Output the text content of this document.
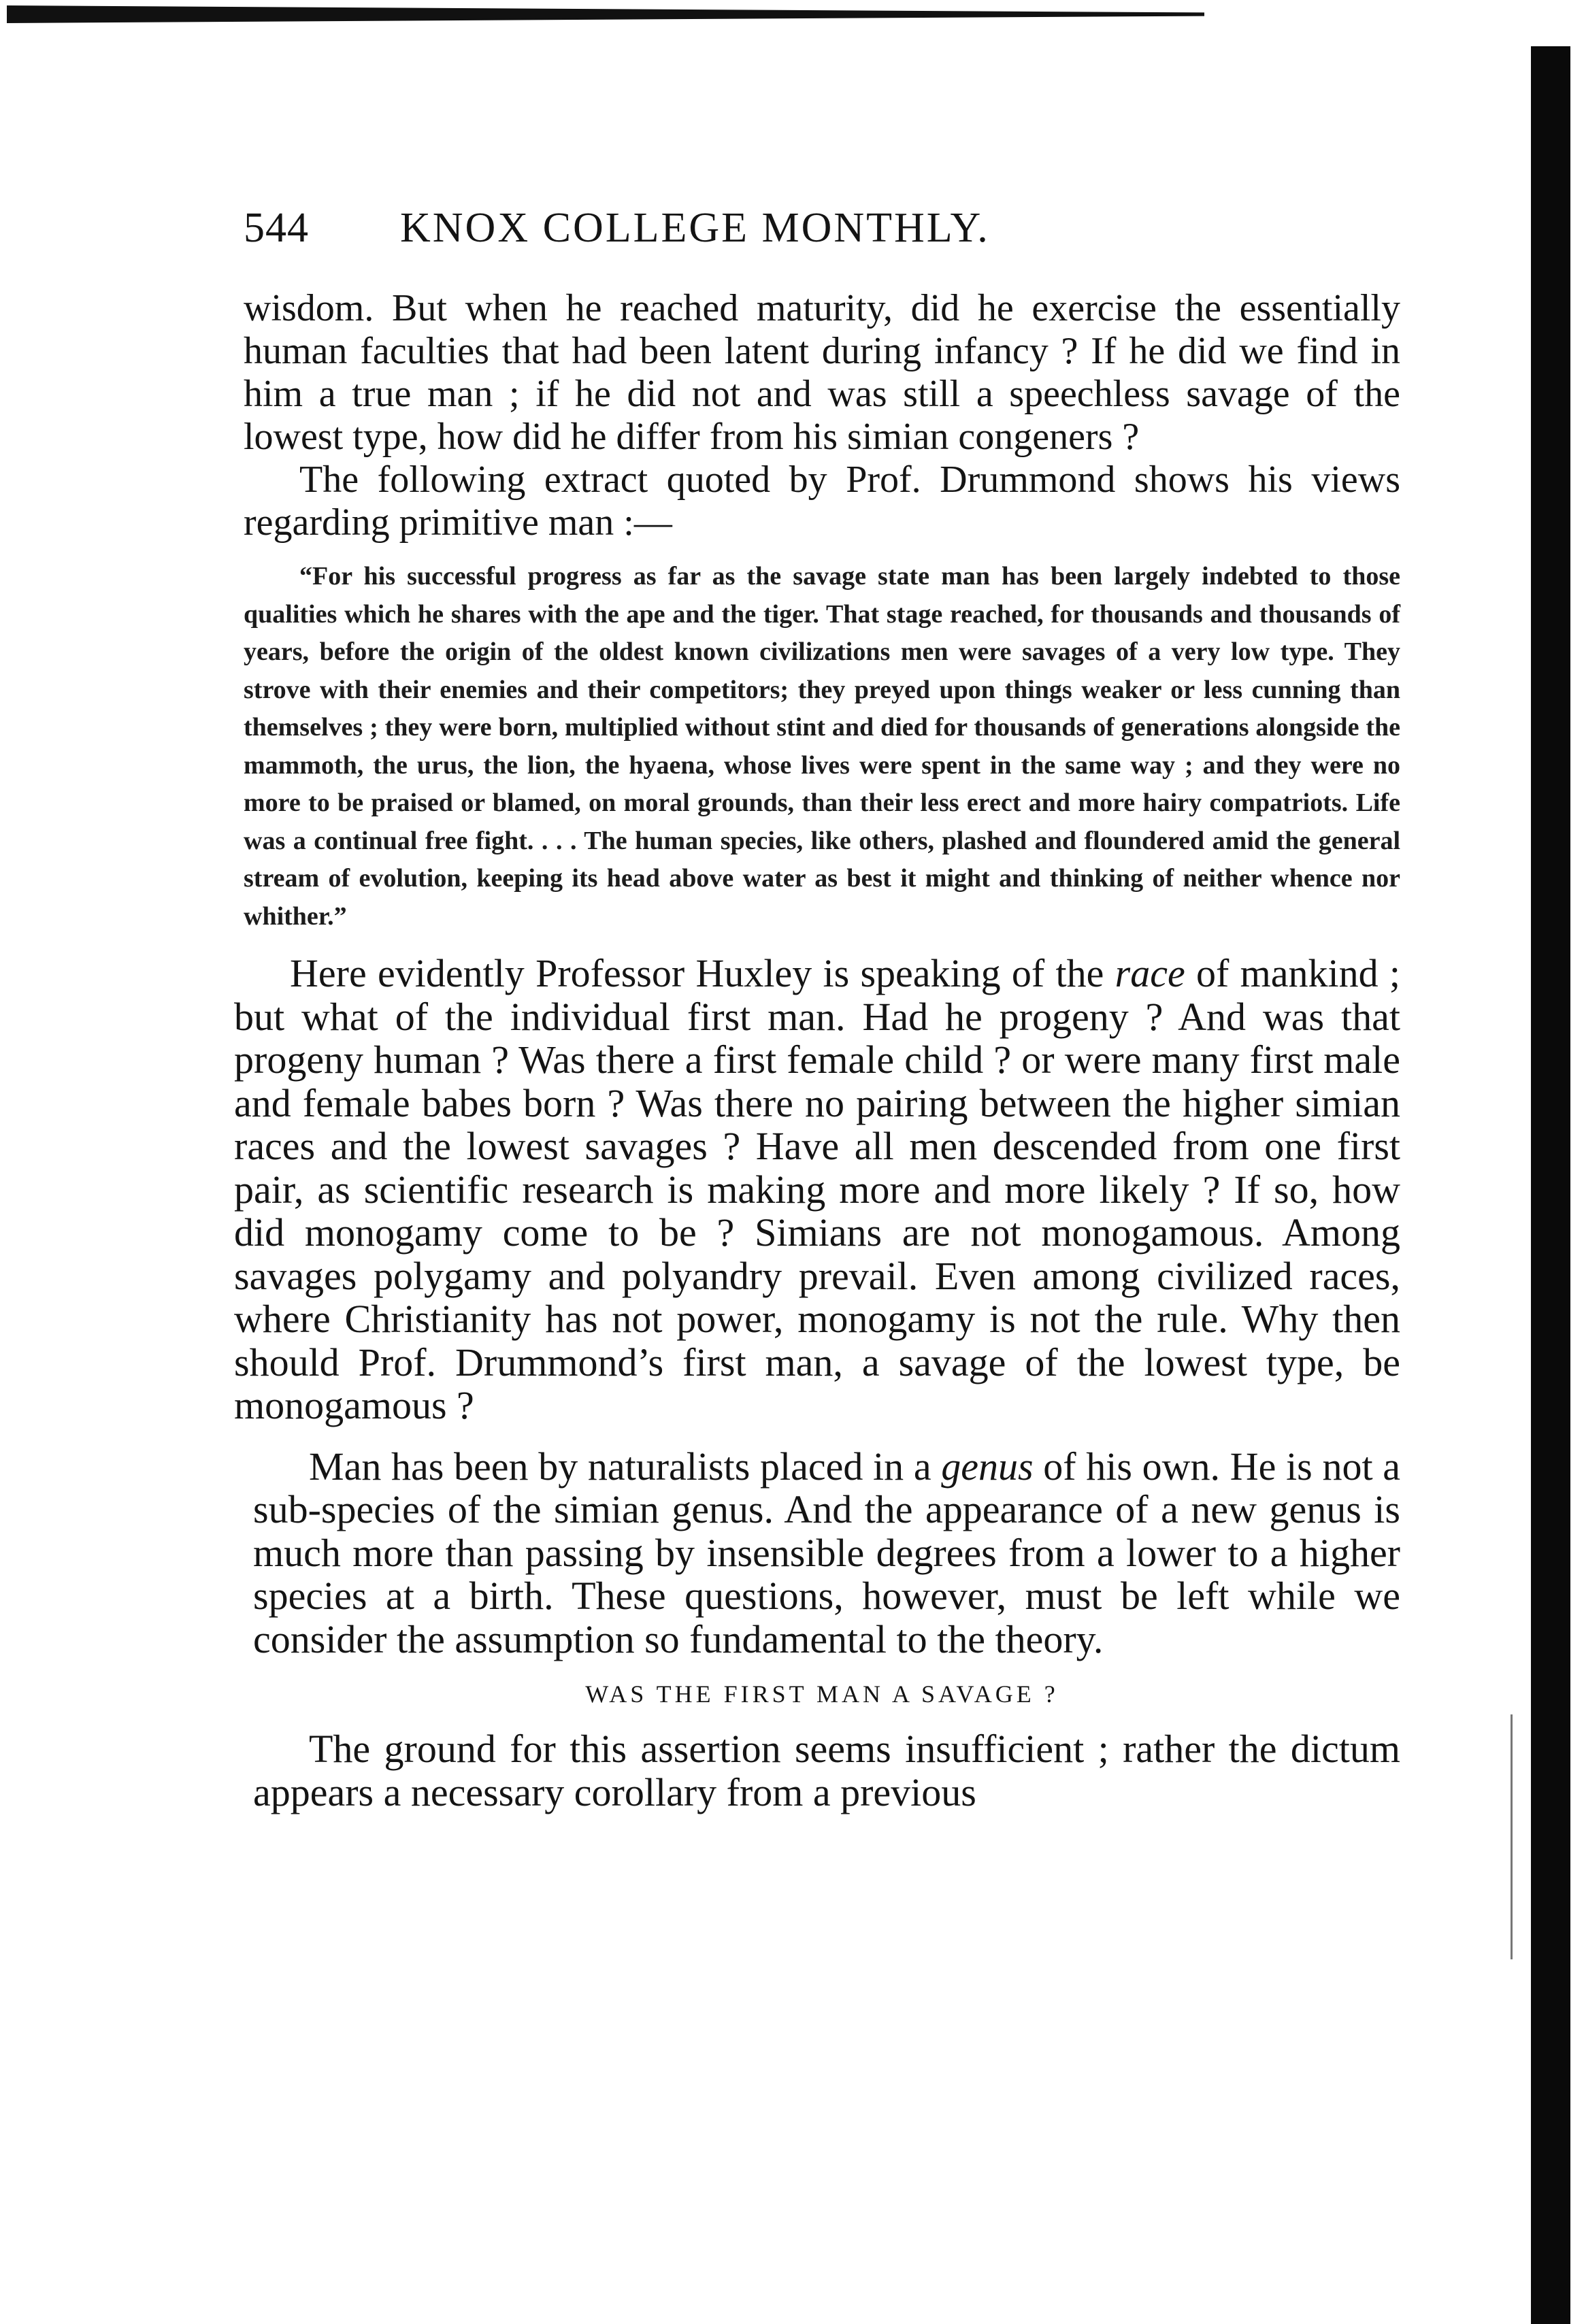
544	KNOX COLLEGE MONTHLY.

wisdom. But when he reached maturity, did he exercise the essentially human faculties that had been latent during infancy ? If he did we find in him a true man ; if he did not and was still a speechless savage of the lowest type, how did he differ from his simian congeners ?

The following extract quoted by Prof. Drummond shows his views regarding primitive man :—

“For his successful progress as far as the savage state man has been largely indebted to those qualities which he shares with the ape and the tiger. That stage reached, for thousands and thousands of years, before the origin of the oldest known civilizations men were savages of a very low type. They strove with their enemies and their competitors; they preyed upon things weaker or less cunning than themselves ; they were born, multiplied without stint and died for thousands of generations alongside the mammoth, the urus, the lion, the hyaena, whose lives were spent in the same way ; and they were no more to be praised or blamed, on moral grounds, than their less erect and more hairy compatriots. Life was a continual free fight. . . . The human species, like others, plashed and floundered amid the general stream of evolution, keeping its head above water as best it might and thinking of neither whence nor whither.”

Here evidently Professor Huxley is speaking of the race of mankind ; but what of the individual first man. Had he progeny ? And was that progeny human ? Was there a first female child ? or were many first male and female babes born ? Was there no pairing between the higher simian races and the lowest savages ? Have all men descended from one first pair, as scientific research is making more and more likely ? If so, how did monogamy come to be ? Simians are not monogamous. Among savages polygamy and polyandry prevail. Even among civilized races, where Christianity has not power, monogamy is not the rule. Why then should Prof. Drummond’s first man, a savage of the lowest type, be monogamous ?

Man has been by naturalists placed in a genus of his own. He is not a sub-species of the simian genus. And the appearance of a new genus is much more than passing by insensible degrees from a lower to a higher species at a birth. These questions, however, must be left while we consider the assumption so fundamental to the theory.

WAS THE FIRST MAN A SAVAGE ?

The ground for this assertion seems insufficient ; rather the dictum appears a necessary corollary from a previous
